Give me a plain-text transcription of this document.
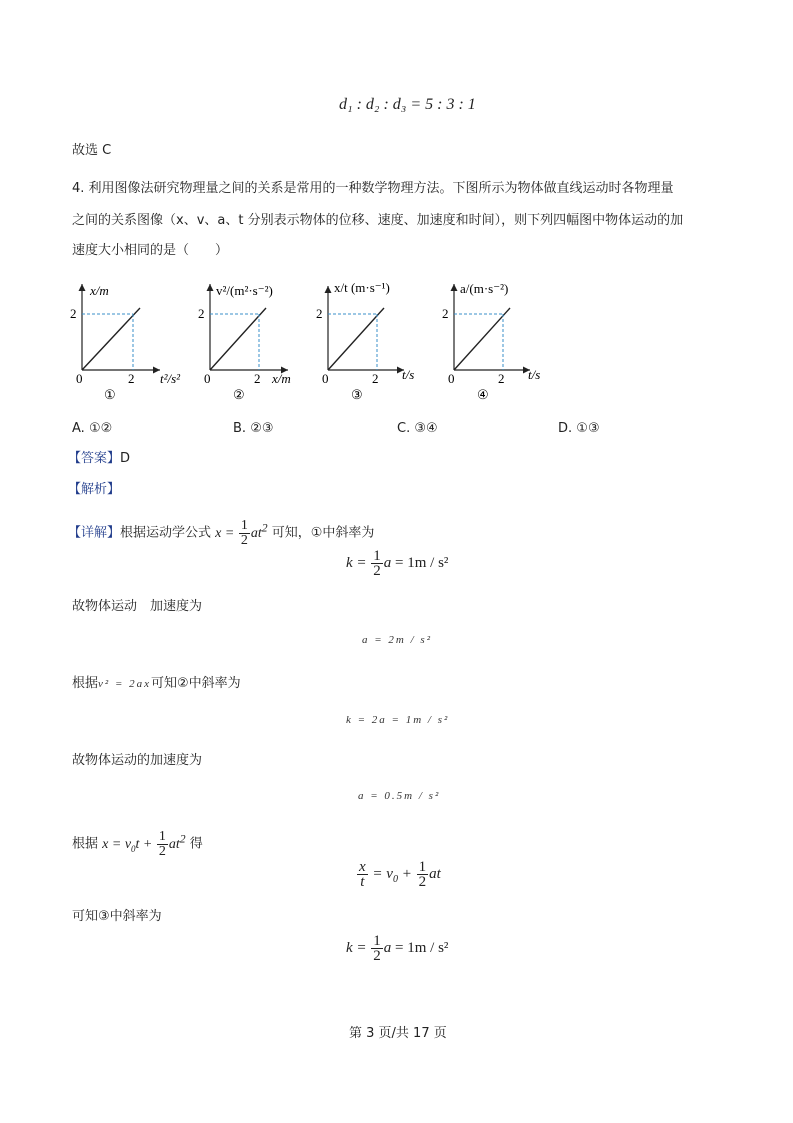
d₁ : d₂ : d₃ = 5 : 3 : 1
故选 C
4. 利用图像法研究物理量之间的关系是常用的一种数学物理方法。下图所示为物体做直线运动时各物理量
之间的关系图像（x、v、a、t 分别表示物体的位移、速度、加速度和时间），则下列四幅图中物体运动的加
速度大小相同的是（　　）
x/m
t²/s²
0	2
2
①
v²/(m²·s⁻²)
x/m
0	2
2
②
x/t (m·s⁻¹)
t/s
0	2
2
③
a/(m·s⁻²)
t/s
0	2
2
④
A. ①②	B. ②③	C. ③④	D. ①③
【答案】D
【解析】
【详解】根据运动学公式 $x = \frac{1}{2} at^2$ 可知，①中斜率为
$k = \frac{1}{2}$ a = 1m / s²
故物体运动　加速度为
a = 2m / s²
根据v² = 2ax可知②中斜率为
k = 2a = 1m / s²
故物体运动的加速度为
a = 0.5m / s²
根据 $x = v_0t + \frac{1}{2} at^2$ 得
$\frac{x}{t} = v_0 + \frac{1}{2}$ at
可知③中斜率为
$k = \frac{1}{2}$ a = 1m / s²
第 3 页/共 17 页
